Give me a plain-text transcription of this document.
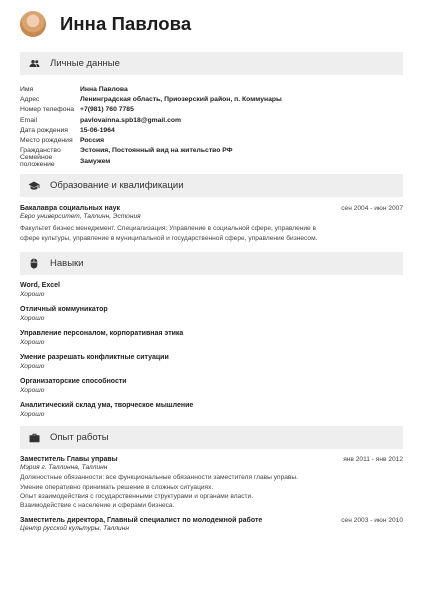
Инна Павлова
Личные данные
Имя	Инна Павлова
Адрес	Ленинградская область, Приозерский район, п. Коммунары
Номер телефона +7(981) 760 7785
Email	pavlovainna.spb18@gmail.com
Дата рождения	15-06-1964
Место рождения	Россия
Гражданство	Эстония, Постоянный вид на жительство РФ
Семейное положение
Замужем
Образование и квалификации
Бакалавра социальных наук	сен 2004 - июн 2007
Евро университет, Таллинн, Эстония
Факультет бизнес менеджмент. Специализация: Управление в социальной сфере, управление в
сфере культуры, управление в муниципальной и государственной сфере, управление бизнесом.
Навыки
Word, Excel
Хорошо
Отличный коммуникатор
Хорошо
Управление персоналом, корпоративная этика
Хорошо
Умение разрешать конфликтные ситуации
Хорошо
Организаторские способности
Хорошо
Аналитический склад ума, творческое мышление
Хорошо
Опыт работы
Заместитель Главы управы	янв 2011 - янв 2012
Мэрия г. Таллинна, Таллинн
Должностные обязанности: все функциональные обязанности заместителя главы управы.
Умение оперативно принимать решение в сложных ситуациях.
Опыт взаимодействия с государственными структурами и органами власти.
Взаимодействие с население и сферами бизнеса.
Заместитель директора, Главный специалист по молодежной работе	сен 2003 - июн 2010
Центр русской культуры, Таллинн
